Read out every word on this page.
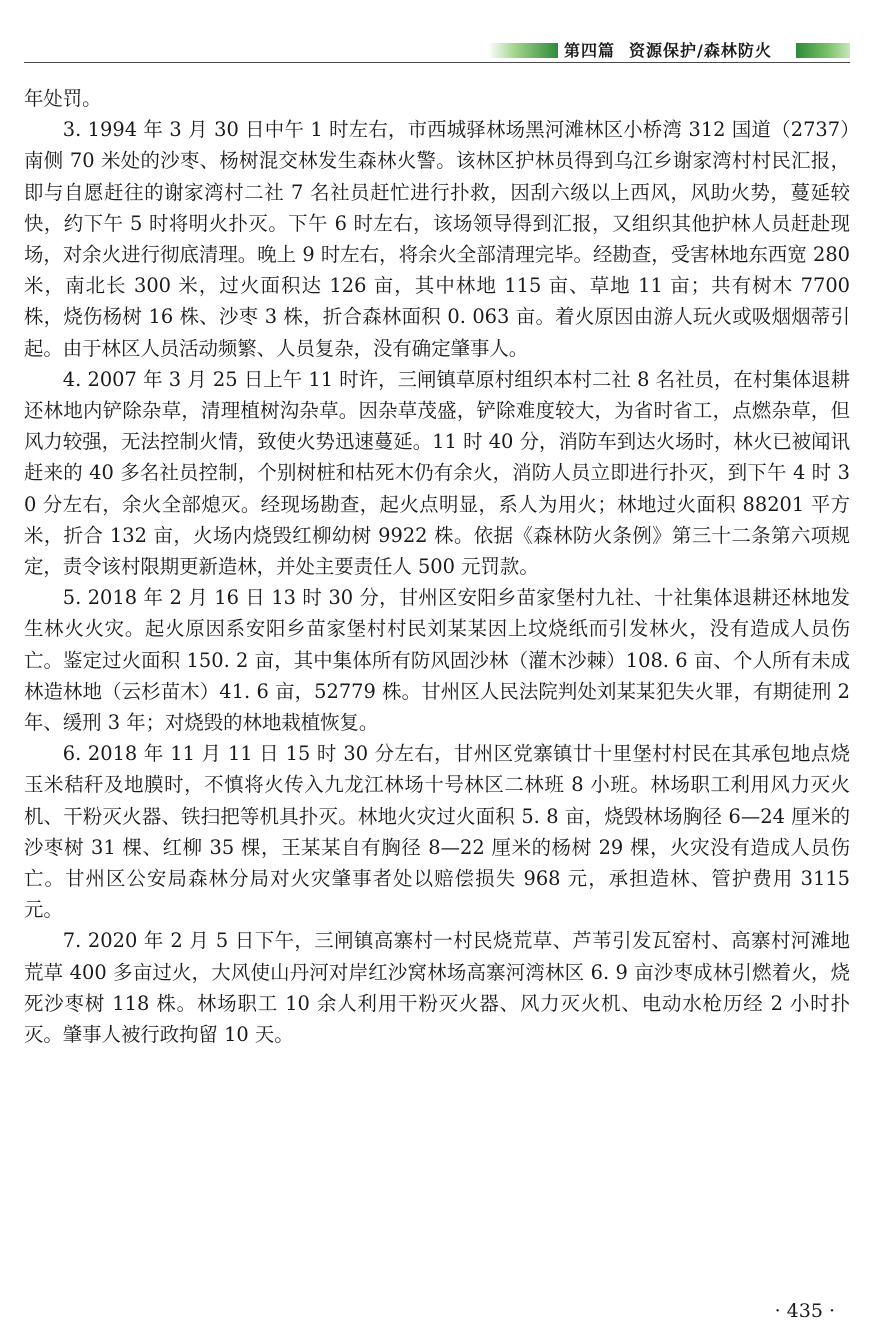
第四篇 资源保护/森林防火

年处罚。

3. 1994 年 3 月 30 日中午 1 时左右，市西城驿林场黑河滩林区小桥湾 312 国道（2737）南侧 70 米处的沙枣、杨树混交林发生森林火警。该林区护林员得到乌江乡谢家湾村村民汇报，即与自愿赶往的谢家湾村二社 7 名社员赶忙进行扑救，因刮六级以上西风，风助火势，蔓延较快，约下午 5 时将明火扑灭。下午 6 时左右，该场领导得到汇报，又组织其他护林人员赶赴现场，对余火进行彻底清理。晚上 9 时左右，将余火全部清理完毕。经勘查，受害林地东西宽 280 米，南北长 300 米，过火面积达 126 亩，其中林地 115 亩、草地 11 亩；共有树木 7700 株，烧伤杨树 16 株、沙枣 3 株，折合森林面积 0. 063 亩。着火原因由游人玩火或吸烟烟蒂引起。由于林区人员活动频繁、人员复杂，没有确定肇事人。

4. 2007 年 3 月 25 日上午 11 时许，三闸镇草原村组织本村二社 8 名社员，在村集体退耕还林地内铲除杂草，清理植树沟杂草。因杂草茂盛，铲除难度较大，为省时省工，点燃杂草，但风力较强，无法控制火情，致使火势迅速蔓延。11 时 40 分，消防车到达火场时，林火已被闻讯赶来的 40 多名社员控制，个别树桩和枯死木仍有余火，消防人员立即进行扑灭，到下午 4 时 30 分左右，余火全部熄灭。经现场勘查，起火点明显，系人为用火；林地过火面积 88201 平方米，折合 132 亩，火场内烧毁红柳幼树 9922 株。依据《森林防火条例》第三十二条第六项规定，责令该村限期更新造林，并处主要责任人 500 元罚款。

5. 2018 年 2 月 16 日 13 时 30 分，甘州区安阳乡苗家堡村九社、十社集体退耕还林地发生林火火灾。起火原因系安阳乡苗家堡村村民刘某某因上坟烧纸而引发林火，没有造成人员伤亡。鉴定过火面积 150. 2 亩，其中集体所有防风固沙林（灌木沙棘）108. 6 亩、个人所有未成林造林地（云杉苗木）41. 6 亩，52779 株。甘州区人民法院判处刘某某犯失火罪，有期徒刑 2 年、缓刑 3 年；对烧毁的林地栽植恢复。

6. 2018 年 11 月 11 日 15 时 30 分左右，甘州区党寨镇廿十里堡村村民在其承包地点烧玉米秸秆及地膜时，不慎将火传入九龙江林场十号林区二林班 8 小班。林场职工利用风力灭火机、干粉灭火器、铁扫把等机具扑灭。林地火灾过火面积 5. 8 亩，烧毁林场胸径 6—24 厘米的沙枣树 31 棵、红柳 35 棵，王某某自有胸径 8—22 厘米的杨树 29 棵，火灾没有造成人员伤亡。甘州区公安局森林分局对火灾肇事者处以赔偿损失 968 元，承担造林、管护费用 3115 元。

7. 2020 年 2 月 5 日下午，三闸镇高寨村一村民烧荒草、芦苇引发瓦窑村、高寨村河滩地荒草 400 多亩过火，大风使山丹河对岸红沙窝林场高寨河湾林区 6. 9 亩沙枣成林引燃着火，烧死沙枣树 118 株。林场职工 10 余人利用干粉灭火器、风力灭火机、电动水枪历经 2 小时扑灭。肇事人被行政拘留 10 天。

· 435 ·
